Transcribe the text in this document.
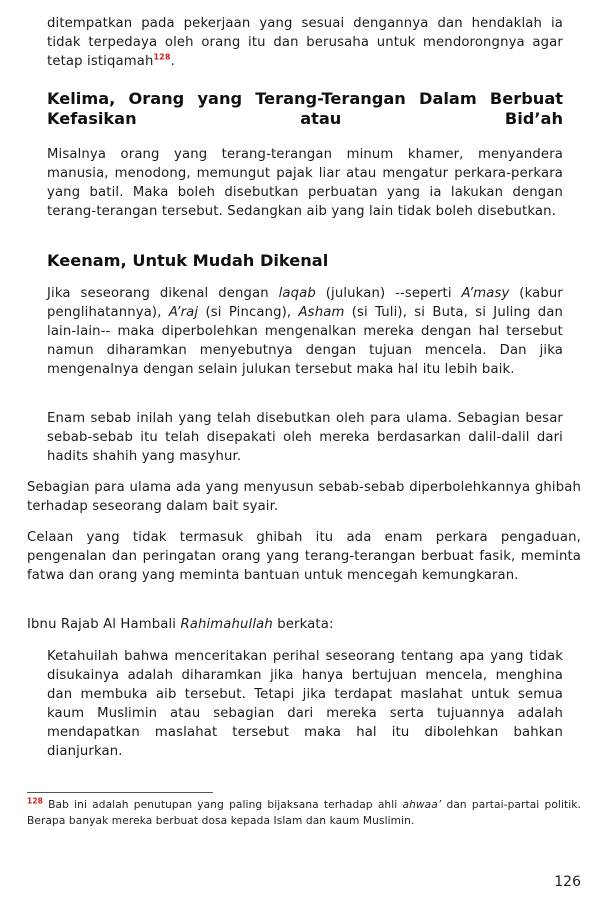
ditempatkan pada pekerjaan yang sesuai dengannya dan hendaklah ia tidak terpedaya oleh orang itu dan berusaha untuk mendorongnya agar tetap istiqamah$^{128}$.

Kelima, Orang yang Terang-Terangan Dalam Berbuat Kefasikan atau Bid’ah

Misalnya orang yang terang-terangan minum khamer, menyandera manusia, menodong, memungut pajak liar atau mengatur perkara-perkara yang batil. Maka boleh disebutkan perbuatan yang ia lakukan dengan terang-terangan tersebut. Sedangkan aib yang lain tidak boleh disebutkan.

Keenam, Untuk Mudah Dikenal

Jika seseorang dikenal dengan laqab (julukan) --seperti A’masy (kabur penglihatannya), A’raj (si Pincang), Asham (si Tuli), si Buta, si Juling dan lain-lain-- maka diperbolehkan mengenalkan mereka dengan hal tersebut namun diharamkan menyebutnya dengan tujuan mencela. Dan jika mengenalnya dengan selain julukan tersebut maka hal itu lebih baik.

Enam sebab inilah yang telah disebutkan oleh para ulama. Sebagian besar sebab-sebab itu telah disepakati oleh mereka berdasarkan dalil-dalil dari hadits shahih yang masyhur.

Sebagian para ulama ada yang menyusun sebab-sebab diperbolehkannya ghibah terhadap seseorang dalam bait syair.

Celaan yang tidak termasuk ghibah itu ada enam perkara pengaduan, pengenalan dan peringatan orang yang terang-terangan berbuat fasik, meminta fatwa dan orang yang meminta bantuan untuk mencegah kemungkaran.

Ibnu Rajab Al Hambali Rahimahullah berkata:

Ketahuilah bahwa menceritakan perihal seseorang tentang apa yang tidak disukainya adalah diharamkan jika hanya bertujuan mencela, menghina dan membuka aib tersebut. Tetapi jika terdapat maslahat untuk semua kaum Muslimin atau sebagian dari mereka serta tujuannya adalah mendapatkan maslahat tersebut maka hal itu dibolehkan bahkan dianjurkan.

$^{128}$ Bab ini adalah penutupan yang paling bijaksana terhadap ahli ahwaa’ dan partai-partai politik. Berapa banyak mereka berbuat dosa kepada Islam dan kaum Muslimin.

126
